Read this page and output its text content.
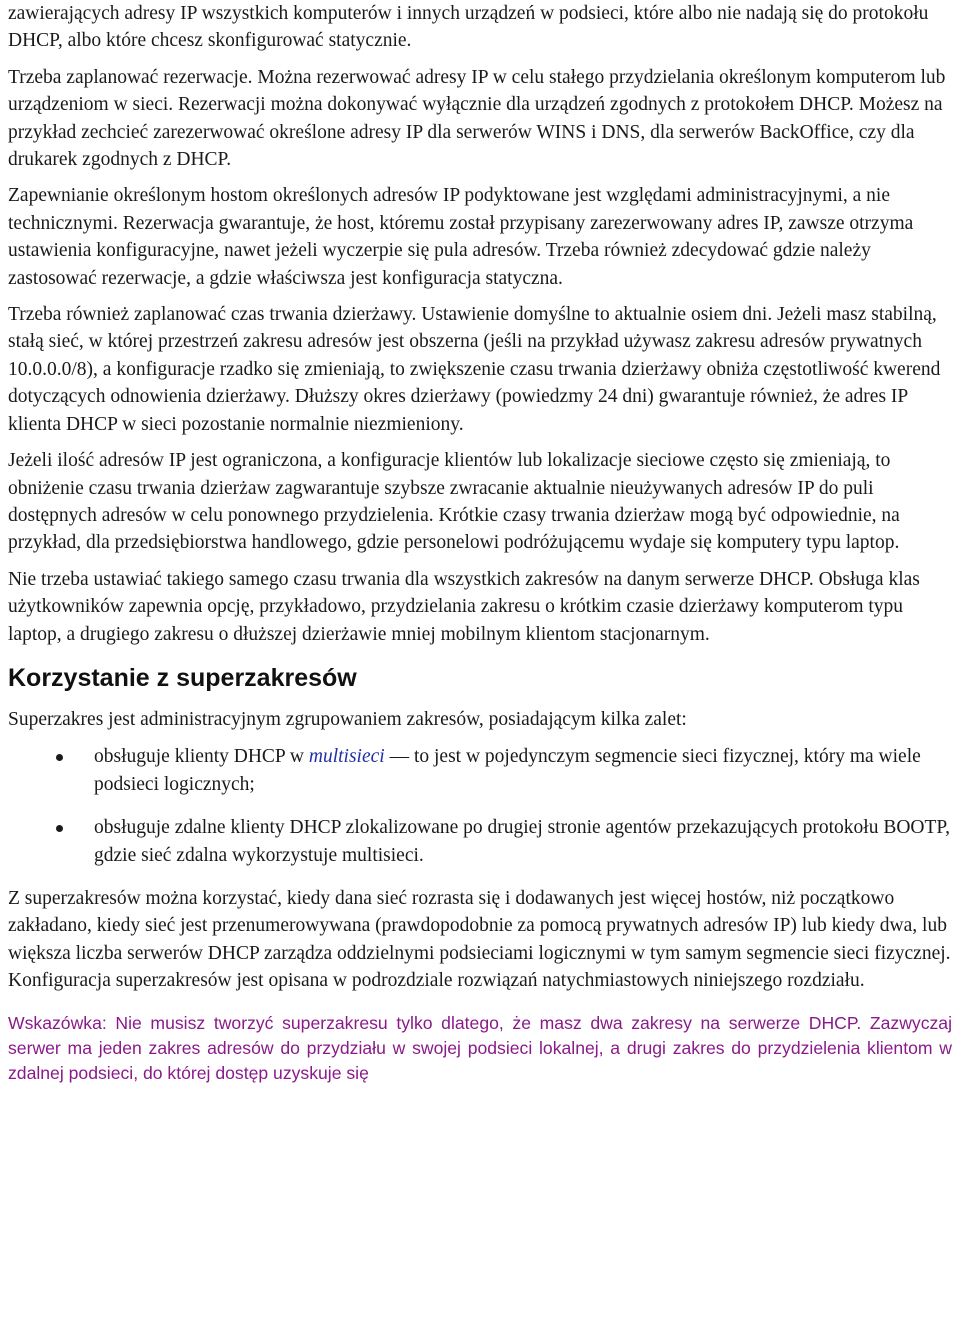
zawierających adresy IP wszystkich komputerów i innych urządzeń w podsieci, które albo nie nadają się do protokołu DHCP, albo które chcesz skonfigurować statycznie.

Trzeba zaplanować rezerwacje. Można rezerwować adresy IP w celu stałego przydzielania określonym komputerom lub urządzeniom w sieci. Rezerwacji można dokonywać wyłącznie dla urządzeń zgodnych z protokołem DHCP. Możesz na przykład zechcieć zarezerwować określone adresy IP dla serwerów WINS i DNS, dla serwerów BackOffice, czy dla drukarek zgodnych z DHCP.

Zapewnianie określonym hostom określonych adresów IP podyktowane jest względami administracyjnymi, a nie technicznymi. Rezerwacja gwarantuje, że host, któremu został przypisany zarezerwowany adres IP, zawsze otrzyma ustawienia konfiguracyjne, nawet jeżeli wyczerpie się pula adresów. Trzeba również zdecydować gdzie należy zastosować rezerwacje, a gdzie właściwsza jest konfiguracja statyczna.

Trzeba również zaplanować czas trwania dzierżawy. Ustawienie domyślne to aktualnie osiem dni. Jeżeli masz stabilną, stałą sieć, w której przestrzeń zakresu adresów jest obszerna (jeśli na przykład używasz zakresu adresów prywatnych 10.0.0.0/8), a konfiguracje rzadko się zmieniają, to zwiększenie czasu trwania dzierżawy obniża częstotliwość kwerend dotyczących odnowienia dzierżawy. Dłuższy okres dzierżawy (powiedzmy 24 dni) gwarantuje również, że adres IP klienta DHCP w sieci pozostanie normalnie niezmieniony.

Jeżeli ilość adresów IP jest ograniczona, a konfiguracje klientów lub lokalizacje sieciowe często się zmieniają, to obniżenie czasu trwania dzierżaw zagwarantuje szybsze zwracanie aktualnie nieużywanych adresów IP do puli dostępnych adresów w celu ponownego przydzielenia. Krótkie czasy trwania dzierżaw mogą być odpowiednie, na przykład, dla przedsiębiorstwa handlowego, gdzie personelowi podróżującemu wydaje się komputery typu laptop.

Nie trzeba ustawiać takiego samego czasu trwania dla wszystkich zakresów na danym serwerze DHCP. Obsługa klas użytkowników zapewnia opcję, przykładowo, przydzielania zakresu o krótkim czasie dzierżawy komputerom typu laptop, a drugiego zakresu o dłuższej dzierżawie mniej mobilnym klientom stacjonarnym.

Korzystanie z superzakresów

Superzakres jest administracyjnym zgrupowaniem zakresów, posiadającym kilka zalet:

obsługuje klienty DHCP w multisieci — to jest w pojedynczym segmencie sieci fizycznej, który ma wiele podsieci logicznych;
obsługuje zdalne klienty DHCP zlokalizowane po drugiej stronie agentów przekazujących protokołu BOOTP, gdzie sieć zdalna wykorzystuje multisieci.

Z superzakresów można korzystać, kiedy dana sieć rozrasta się i dodawanych jest więcej hostów, niż początkowo zakładano, kiedy sieć jest przenumerowywana (prawdopodobnie za pomocą prywatnych adresów IP) lub kiedy dwa, lub większa liczba serwerów DHCP zarządza oddzielnymi podsieciami logicznymi w tym samym segmencie sieci fizycznej. Konfiguracja superzakresów jest opisana w podrozdziale rozwiązań natychmiastowych niniejszego rozdziału.

Wskazówka: Nie musisz tworzyć superzakresu tylko dlatego, że masz dwa zakresy na serwerze DHCP. Zazwyczaj serwer ma jeden zakres adresów do przydziału w swojej podsieci lokalnej, a drugi zakres do przydzielenia klientom w zdalnej podsieci, do której dostęp uzyskuje się
